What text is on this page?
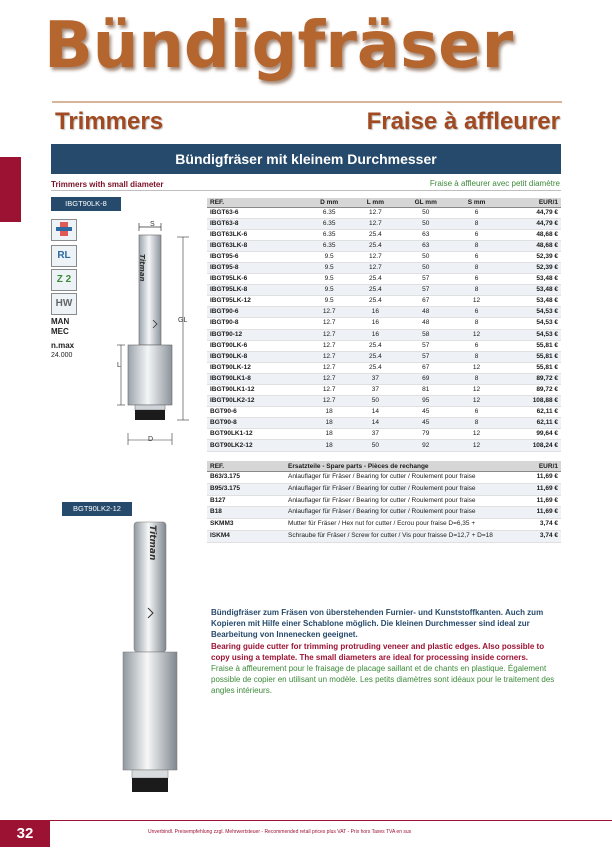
Bündigfräser
Trimmers	Fraise à affleurer
Bündigfräser mit kleinem Durchmesser
Trimmers with small diameter	Fraise à affleurer avec petit diamètre
IBGT90LK-8
RL
Z 2
HW
MAN
MEC
n.max
24.000
S
GL
L
D
Titman
REF.	D mm	L mm	GL mm	S mm	EUR/1
IBGT63-6	6.35	12.7	50	6	44,79 €
IBGT63-8	6.35	12.7	50	8	44,79 €
IBGT63LK-6	6.35	25.4	63	6	48,68 €
IBGT63LK-8	6.35	25.4	63	8	48,68 €
IBGT95-6	9.5	12.7	50	6	52,39 €
IBGT95-8	9.5	12.7	50	8	52,39 €
IBGT95LK-6	9.5	25.4	57	6	53,48 €
IBGT95LK-8	9.5	25.4	57	8	53,48 €
IBGT95LK-12	9.5	25.4	67	12	53,48 €
IBGT90-6	12.7	16	48	6	54,53 €
IBGT90-8	12.7	16	48	8	54,53 €
IBGT90-12	12.7	16	58	12	54,53 €
IBGT90LK-6	12.7	25.4	57	6	55,81 €
IBGT90LK-8	12.7	25.4	57	8	55,81 €
IBGT90LK-12	12.7	25.4	67	12	55,81 €
IBGT90LK1-8	12.7	37	69	8	89,72 €
IBGT90LK1-12	12.7	37	81	12	89,72 €
IBGT90LK2-12	12.7	50	95	12	108,88 €
BGT90-6	18	14	45	6	62,11 €
BGT90-8	18	14	45	8	62,11 €
BGT90LK1-12	18	37	79	12	99,64 €
BGT90LK2-12	18	50	92	12	108,24 €
REF.	Ersatzteile - Spare parts - Pièces de rechange	EUR/1
B63/3.175	Anlauflager für Fräser / Bearing for cutter / Roulement pour fraise	11,69 €
B95/3.175	Anlauflager für Fräser / Bearing for cutter / Roulement pour fraise	11,69 €
B127	Anlauflager für Fräser / Bearing for cutter / Roulement pour fraise	11,69 €
B18	Anlauflager für Fräser / Bearing for cutter / Roulement pour fraise	11,69 €
SKMM3	Mutter für Fräser / Hex nut for cutter / Ecrou pour fraise D=6,35 +	3,74 €
ISKM4	Schraube für Fräser / Screw for cutter / Vis pour fraisse D=12,7 + D=18	3,74 €
BGT90LK2-12
Titman
Bündigfräser zum Fräsen von überstehenden Furnier- und Kunststoffkanten. Auch zum Kopieren mit Hilfe einer Schablone möglich. Die kleinen Durchmesser sind ideal zur Bearbeitung von Innenecken geeignet.
Bearing guide cutter for trimming protruding veneer and plastic edges. Also possible to copy using a template. The small diameters are ideal for processing inside corners.
Fraise à affleurement pour le fraisage de placage saillant et de chants en plastique. Également possible de copier en utilisant un modèle. Les petits diamètres sont idéaux pour le traitement des angles intérieurs.
32	Unverbindl. Preisempfehlung zzgl. Mehrwertsteuer - Recommended retail prices plus VAT - Prix hors Taxes TVA en sus
